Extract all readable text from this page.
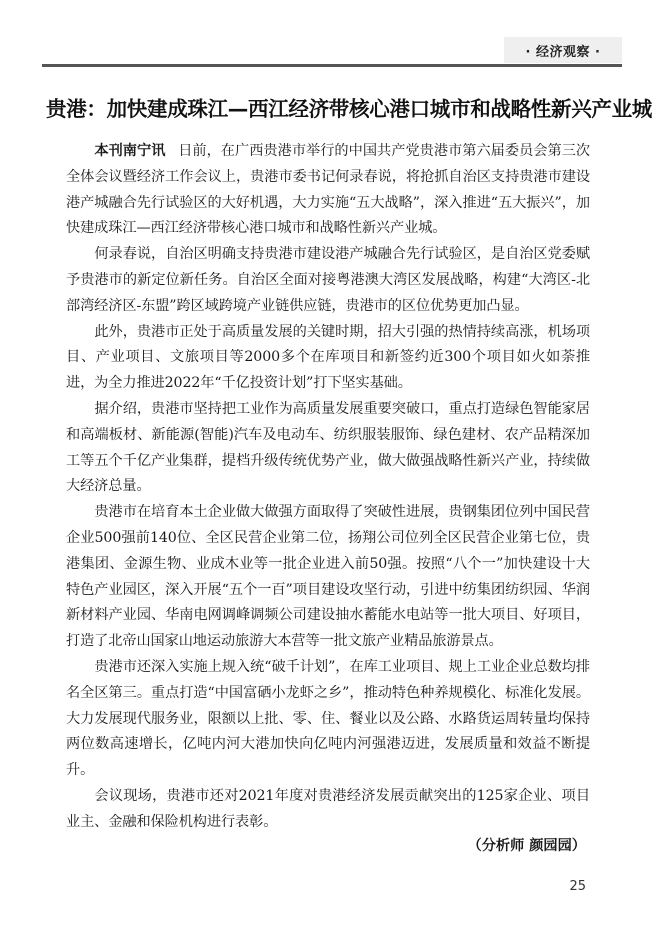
· 经济观察 ·
贵港：加快建成珠江—西江经济带核心港口城市和战略性新兴产业城

本刊南宁讯 日前，在广西贵港市举行的中国共产党贵港市第六届委员会第三次全体会议暨经济工作会议上，贵港市委书记何录春说，将抢抓自治区支持贵港市建设港产城融合先行试验区的大好机遇，大力实施“五大战略”，深入推进“五大振兴”，加快建成珠江—西江经济带核心港口城市和战略性新兴产业城。

何录春说，自治区明确支持贵港市建设港产城融合先行试验区，是自治区党委赋予贵港市的新定位新任务。自治区全面对接粤港澳大湾区发展战略，构建“大湾区-北部湾经济区-东盟”跨区域跨境产业链供应链，贵港市的区位优势更加凸显。

此外，贵港市正处于高质量发展的关键时期，招大引强的热情持续高涨，机场项目、产业项目、文旅项目等2000多个在库项目和新签约近300个项目如火如荼推进，为全力推进2022年“千亿投资计划”打下坚实基础。

据介绍，贵港市坚持把工业作为高质量发展重要突破口，重点打造绿色智能家居和高端板材、新能源(智能)汽车及电动车、纺织服装服饰、绿色建材、农产品精深加工等五个千亿产业集群，提档升级传统优势产业，做大做强战略性新兴产业，持续做大经济总量。

贵港市在培育本土企业做大做强方面取得了突破性进展，贵钢集团位列中国民营企业500强前140位、全区民营企业第二位，扬翔公司位列全区民营企业第七位，贵港集团、金源生物、业成木业等一批企业进入前50强。按照“八个一”加快建设十大特色产业园区，深入开展“五个一百”项目建设攻坚行动，引进中纺集团纺织园、华润新材料产业园、华南电网调峰调频公司建设抽水蓄能水电站等一批大项目、好项目，打造了北帝山国家山地运动旅游大本营等一批文旅产业精品旅游景点。

贵港市还深入实施上规入统“破千计划”，在库工业项目、规上工业企业总数均排名全区第三。重点打造“中国富硒小龙虾之乡”，推动特色种养规模化、标准化发展。大力发展现代服务业，限额以上批、零、住、餐业以及公路、水路货运周转量均保持两位数高速增长，亿吨内河大港加快向亿吨内河强港迈进，发展质量和效益不断提升。

会议现场，贵港市还对2021年度对贵港经济发展贡献突出的125家企业、项目业主、金融和保险机构进行表彰。

（分析师 颜园园）
25
